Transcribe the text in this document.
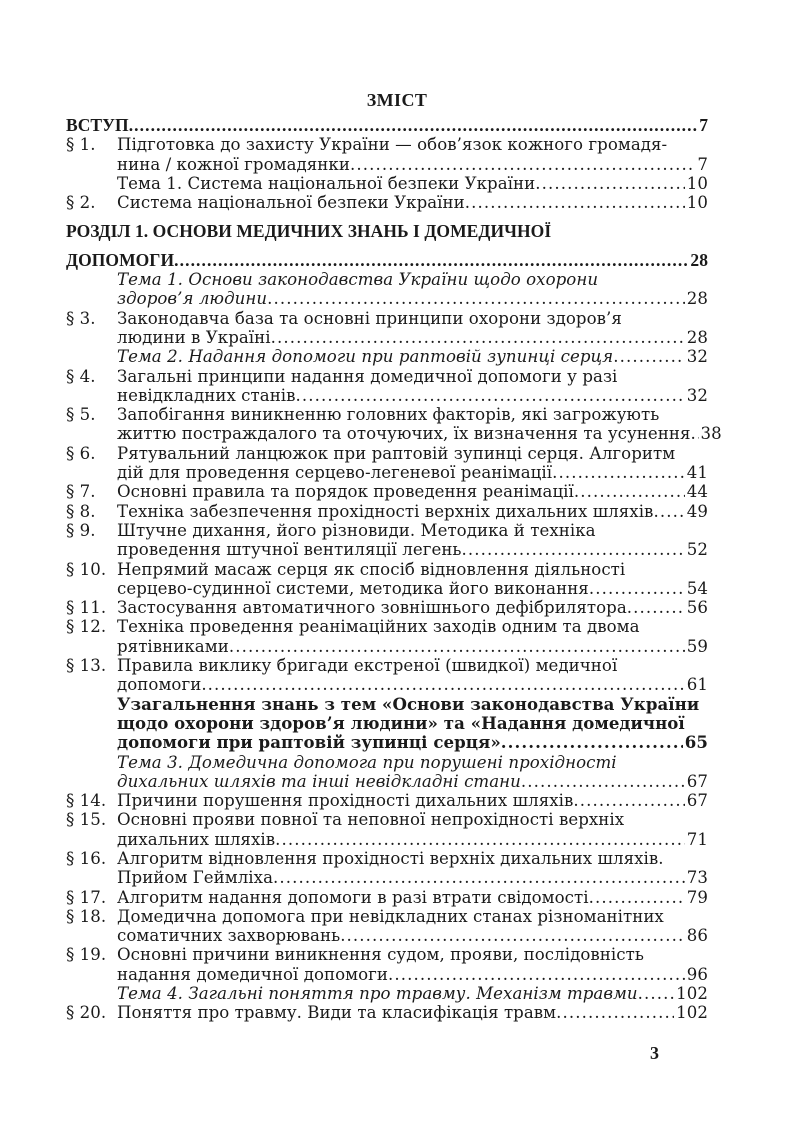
ЗМІСТ
ВСТУП .....	7
§ 1.	Підготовка до захисту України — обов’язок кожного громадя-
нина / кожної громадянки .....	7
Тема 1. Система національної безпеки України .....	10
§ 2.	Система національної безпеки України .....	10
РОЗДІЛ 1. ОСНОВИ МЕДИЧНИХ ЗНАНЬ І ДОМЕДИЧНОЇ
ДОПОМОГИ .....	28
Тема 1. Основи законодавства України щодо охорони
здоров’я людини .....	28
§ 3.	Законодавча база та основні принципи охорони здоров’я
людини в Україні .....	28
Тема 2. Надання допомоги при раптовій зупинці серця .....	32
§ 4.	Загальні принципи надання домедичної допомоги у разі
невідкладних станів .....	32
§ 5.	Запобігання виникненню головних факторів, які загрожують
життю постраждалого та оточуючих, їх визначення та усунення ..... 38
§ 6.	Рятувальний ланцюжок при раптовій зупинці серця. Алгоритм
дій для проведення серцево-легеневої реанімації .....	41
§ 7.	Основні правила та порядок проведення реанімації .....	44
§ 8.	Техніка забезпечення прохідності верхніх дихальних шляхів ..... 49
§ 9.	Штучне дихання, його різновиди. Методика й техніка
проведення штучної вентиляції легень .....	52
§ 10. Непрямий масаж серця як спосіб відновлення діяльності
серцево-судинної системи, методика його виконання .....	54
§ 11. Застосування автоматичного зовнішнього дефібрилятора .....	56
§ 12. Техніка проведення реанімаційних заходів одним та двома
рятівниками .....	59
§ 13. Правила виклику бригади екстреної (швидкої) медичної
допомоги .....	61
Узагальнення знань з тем «Основи законодавства України
щодо охорони здоров’я людини» та «Надання домедичної
допомоги при раптовій зупинці серця» .....	65
Тема 3. Домедична допомога при порушені прохідності
дихальних шляхів та інші невідкладні стани .....	67
§ 14. Причини порушення прохідності дихальних шляхів .....	67
§ 15. Основні прояви повної та неповної непрохідності верхніх
дихальних шляхів .....	71
§ 16. Алгоритм відновлення прохідності верхніх дихальних шляхів.
Прийом Геймліха .....	73
§ 17. Алгоритм надання допомоги в разі втрати свідомості .....	79
§ 18. Домедична допомога при невідкладних станах різноманітних
соматичних захворювань .....	86
§ 19. Основні причини виникнення судом, прояви, послідовність
надання домедичної допомоги .....	96
Тема 4. Загальні поняття про травму. Механізм травми ..... 102
§ 20. Поняття про травму. Види та класифікація травм .....	102
3
